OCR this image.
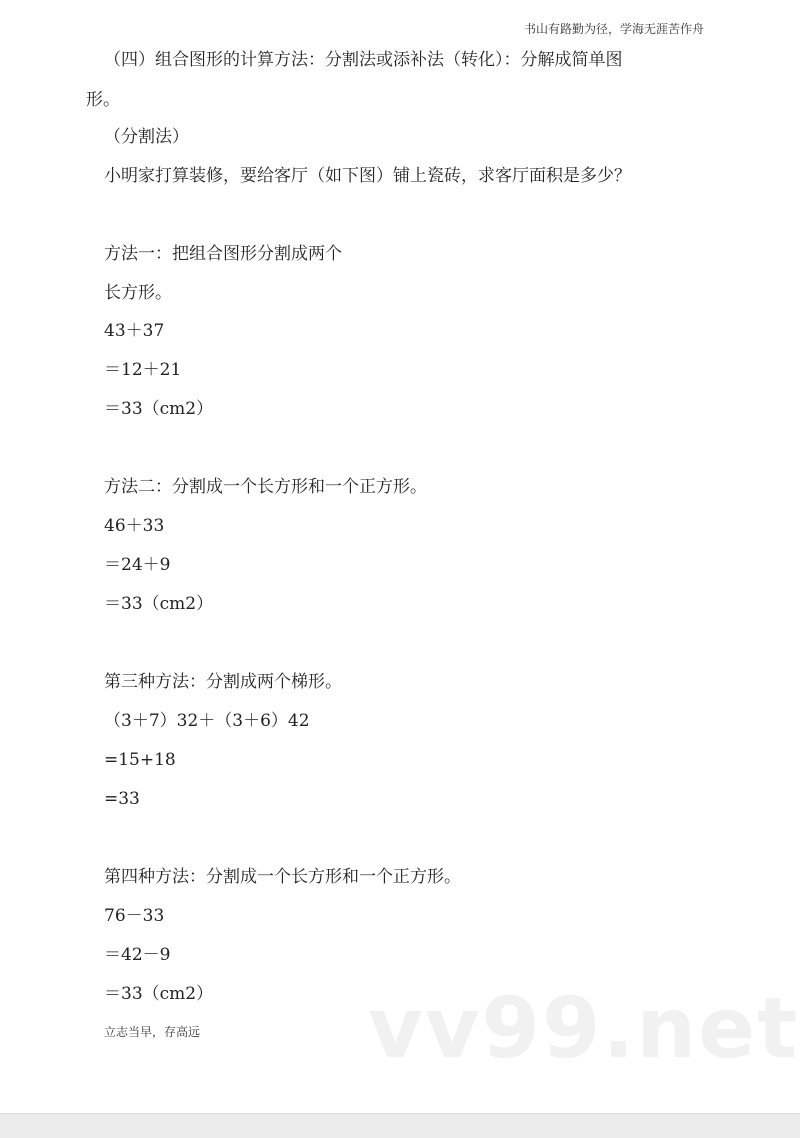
书山有路勤为径，学海无涯苦作舟
（四）组合图形的计算方法：分割法或添补法（转化）：分解成简单图
形。
（分割法）
小明家打算装修，要给客厅（如下图）铺上瓷砖，求客厅面积是多少？
方法一：把组合图形分割成两个
长方形。
43＋37
＝12＋21
＝33（cm2）
方法二：分割成一个长方形和一个正方形。
46＋33
＝24＋9
＝33（cm2）
第三种方法：分割成两个梯形。
（3＋7）32＋（3＋6）42
=15+18
=33
第四种方法：分割成一个长方形和一个正方形。
76－33
＝42－9
＝33（cm2） vv99.net
立志当早，存高远
